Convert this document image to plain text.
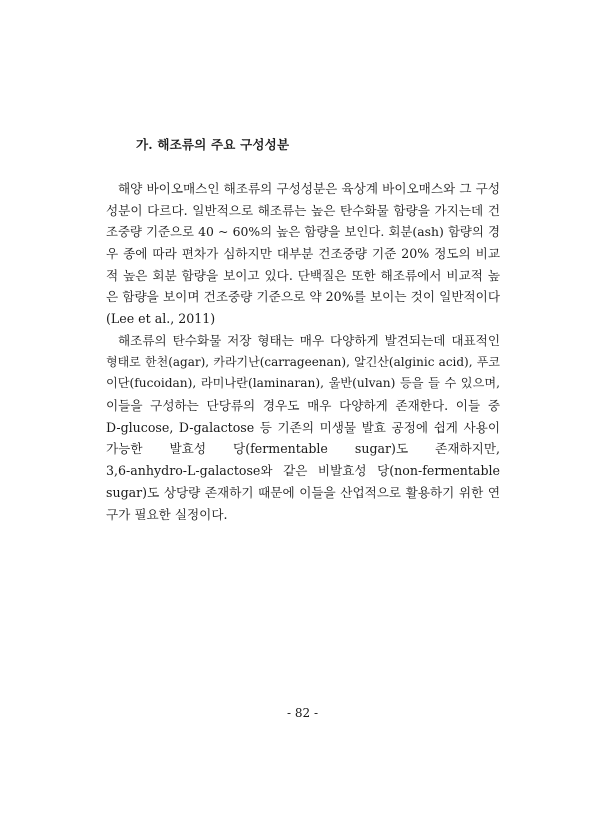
가. 해조류의 주요 구성성분
해양 바이오매스인 해조류의 구성성분은 육상계 바이오매스와 그 구성
성분이 다르다. 일반적으로 해조류는 높은 탄수화물 함량을 가지는데 건
조중량 기준으로 40 ~ 60%의 높은 함량을 보인다. 회분(ash) 함량의 경
우 종에 따라 편차가 심하지만 대부분 건조중량 기준 20% 정도의 비교
적 높은 회분 함량을 보이고 있다. 단백질은 또한 해조류에서 비교적 높
은 함량을 보이며 건조중량 기준으로 약 20%를 보이는 것이 일반적이다
(Lee et al., 2011)
해조류의 탄수화물 저장 형태는 매우 다양하게 발견되는데 대표적인
형태로 한천(agar), 카라기난(carrageenan), 알긴산(alginic acid), 푸코
이단(fucoidan), 라미나란(laminaran), 울반(ulvan) 등을 들 수 있으며,
이들을 구성하는 단당류의 경우도 매우 다양하게 존재한다. 이들 중
D-glucose, D-galactose 등 기존의 미생물 발효 공정에 쉽게 사용이
가능한 발효성 당(fermentable sugar)도 존재하지만,
3,6-anhydro-L-galactose와 같은 비발효성 당(non-fermentable
sugar)도 상당량 존재하기 때문에 이들을 산업적으로 활용하기 위한 연
구가 필요한 실정이다.

- 82 -
